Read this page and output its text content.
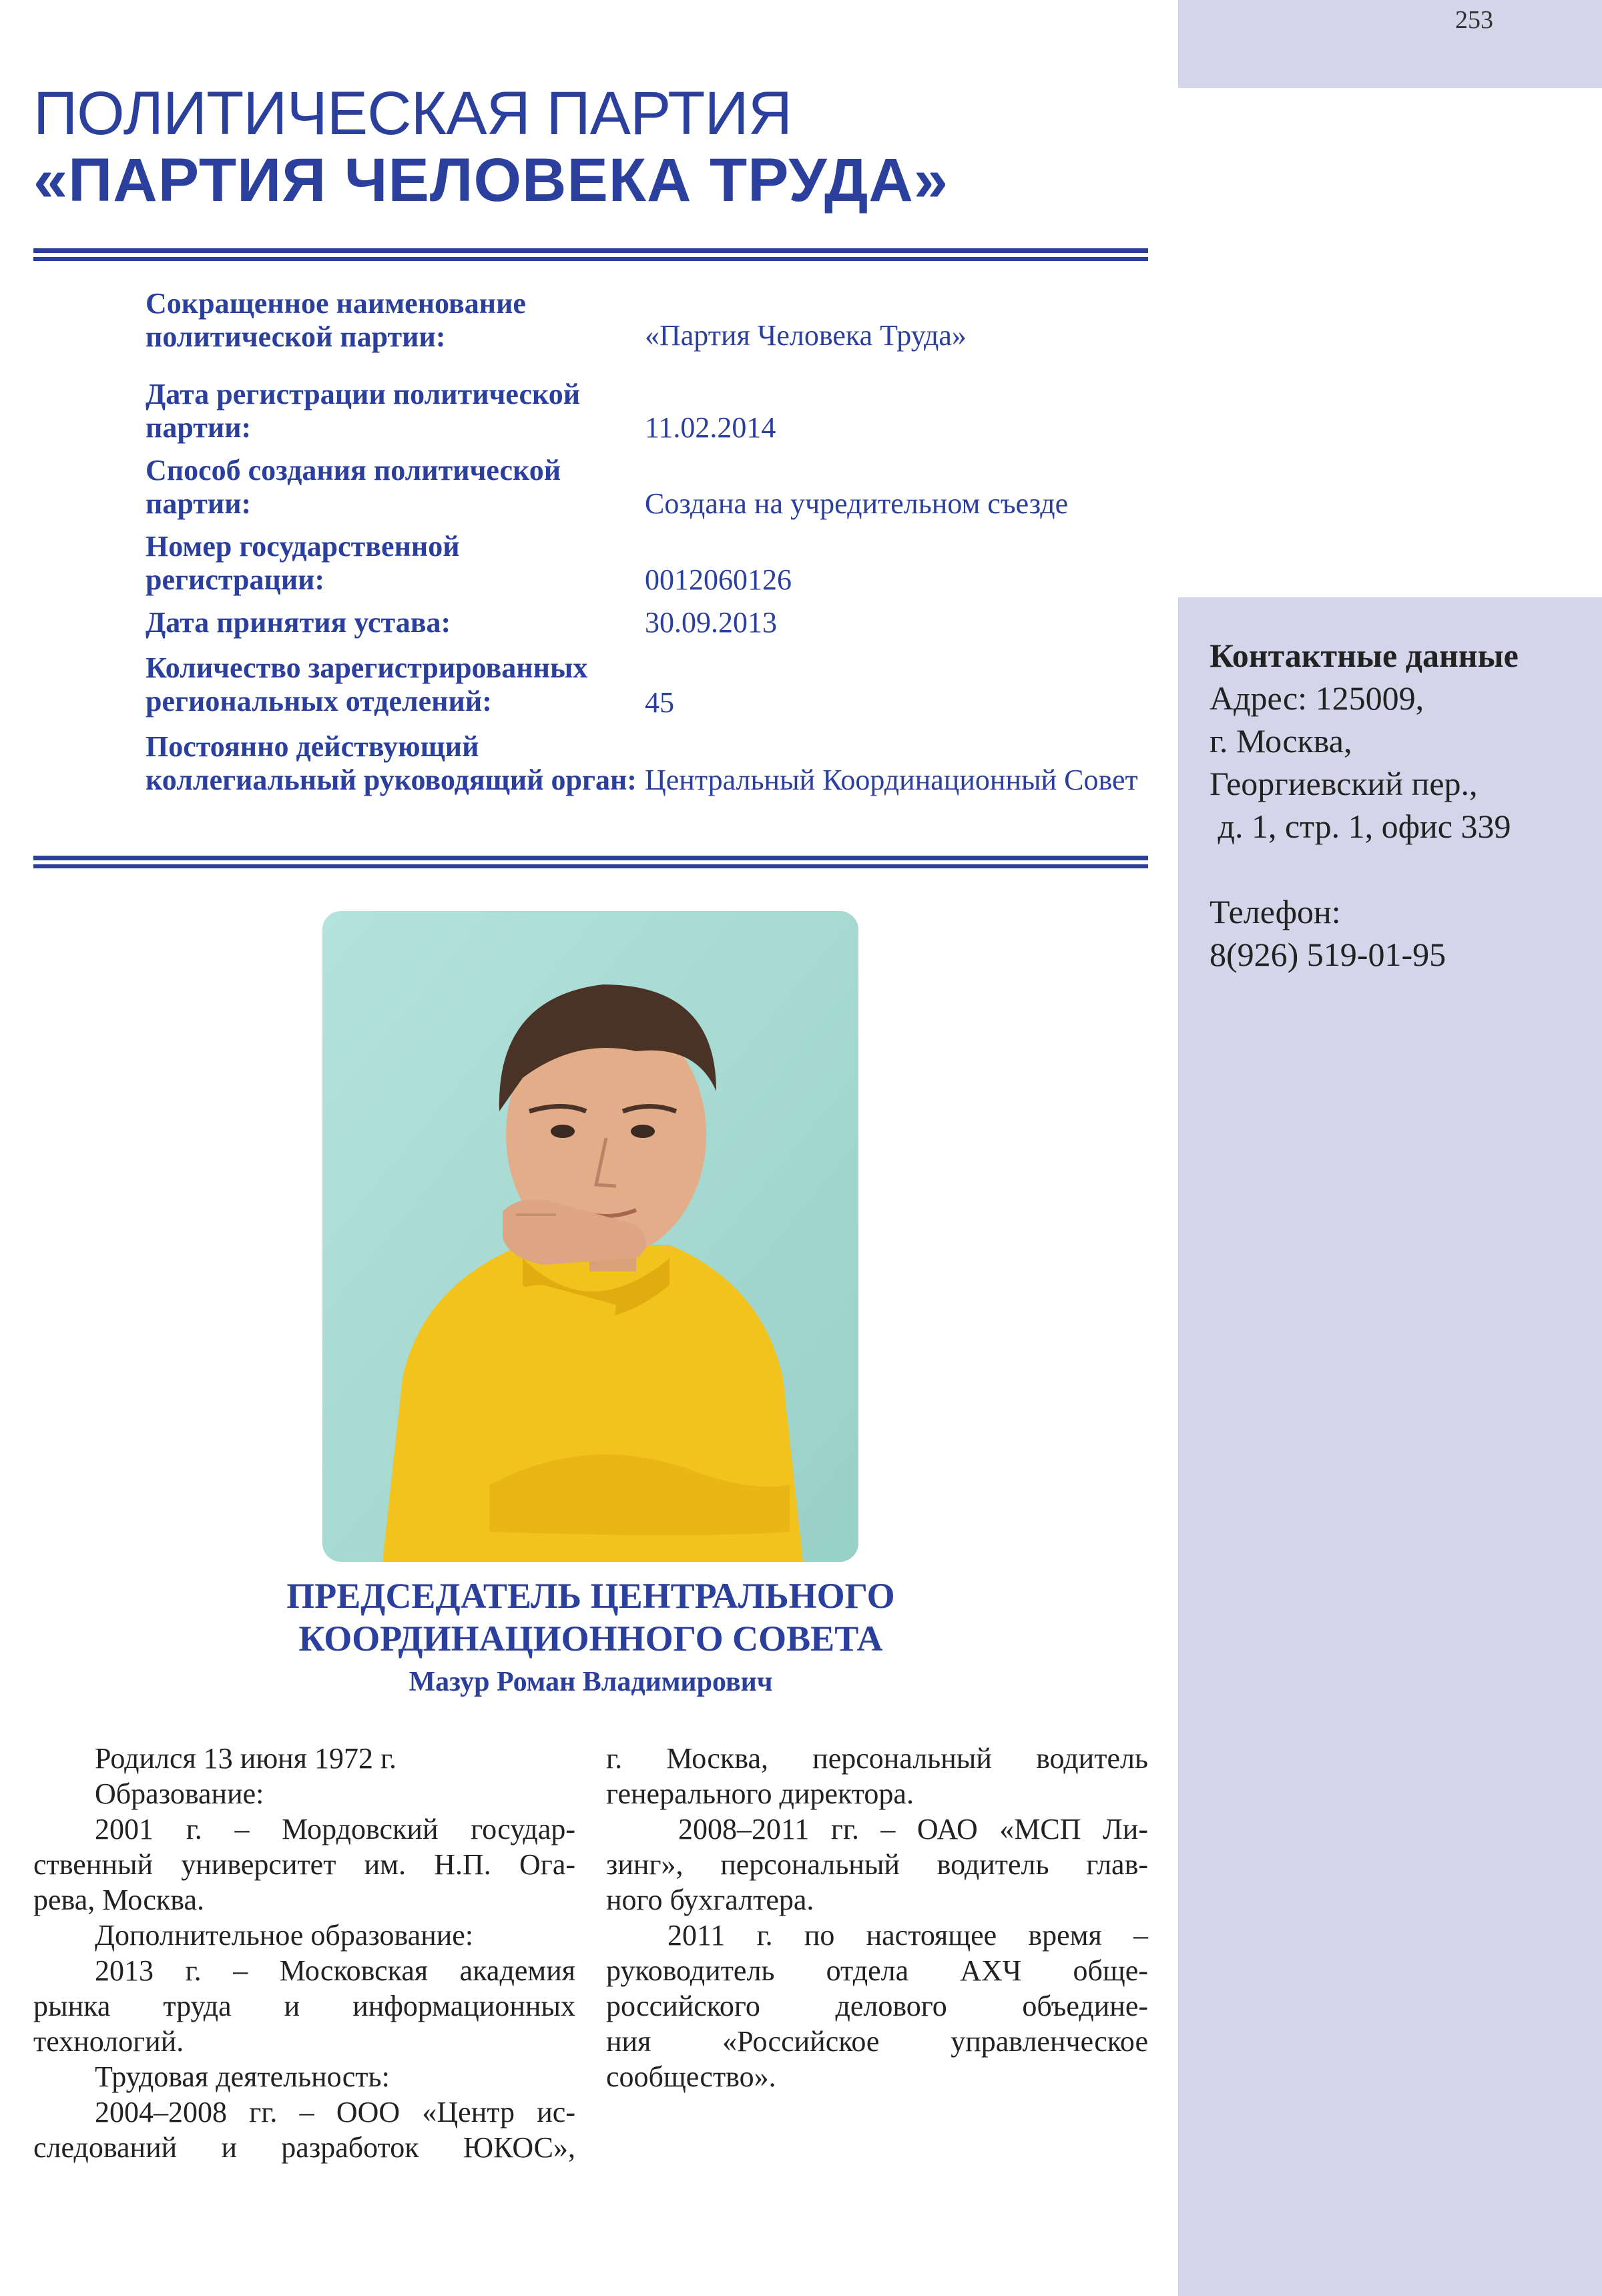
253
ПОЛИТИЧЕСКАЯ ПАРТИЯ
«ПАРТИЯ ЧЕЛОВЕКА ТРУДА»
Сокращенное наименование политической партии:	«Партия Человека Труда»
Дата регистрации политической партии:	11.02.2014
Способ создания политической партии:	Создана на учредительном съезде
Номер государственной регистрации:	0012060126
Дата принятия устава:	30.09.2013
Количество зарегистрированных региональных отделений:	45
Постоянно действующий коллегиальный руководящий орган: Центральный Координационный Совет
Контактные данные
Адрес: 125009,
г. Москва,
Георгиевский пер.,
д. 1, стр. 1, офис 339
Телефон:
8(926) 519-01-95
ПРЕДСЕДАТЕЛЬ ЦЕНТРАЛЬНОГО
КООРДИНАЦИОННОГО СОВЕТА
Мазур Роман Владимирович
Родился 13 июня 1972 г.
Образование:
2001 г. – Мордовский государ-
ственный университет им. Н.П. Ога-
рева, Москва.
Дополнительное образование:
2013 г. – Московская академия
рынка труда и информационных
технологий.
Трудовая деятельность:
2004–2008 гг. – ООО «Центр ис-
следований и разработок ЮКОС»,
г. Москва, персональный водитель
генерального директора.
2008–2011 гг. – ОАО «МСП Ли-
зинг», персональный водитель глав-
ного бухгалтера.
2011 г. по настоящее время –
руководитель отдела АХЧ обще-
российского делового объедине-
ния «Российское управленческое
сообщество».
